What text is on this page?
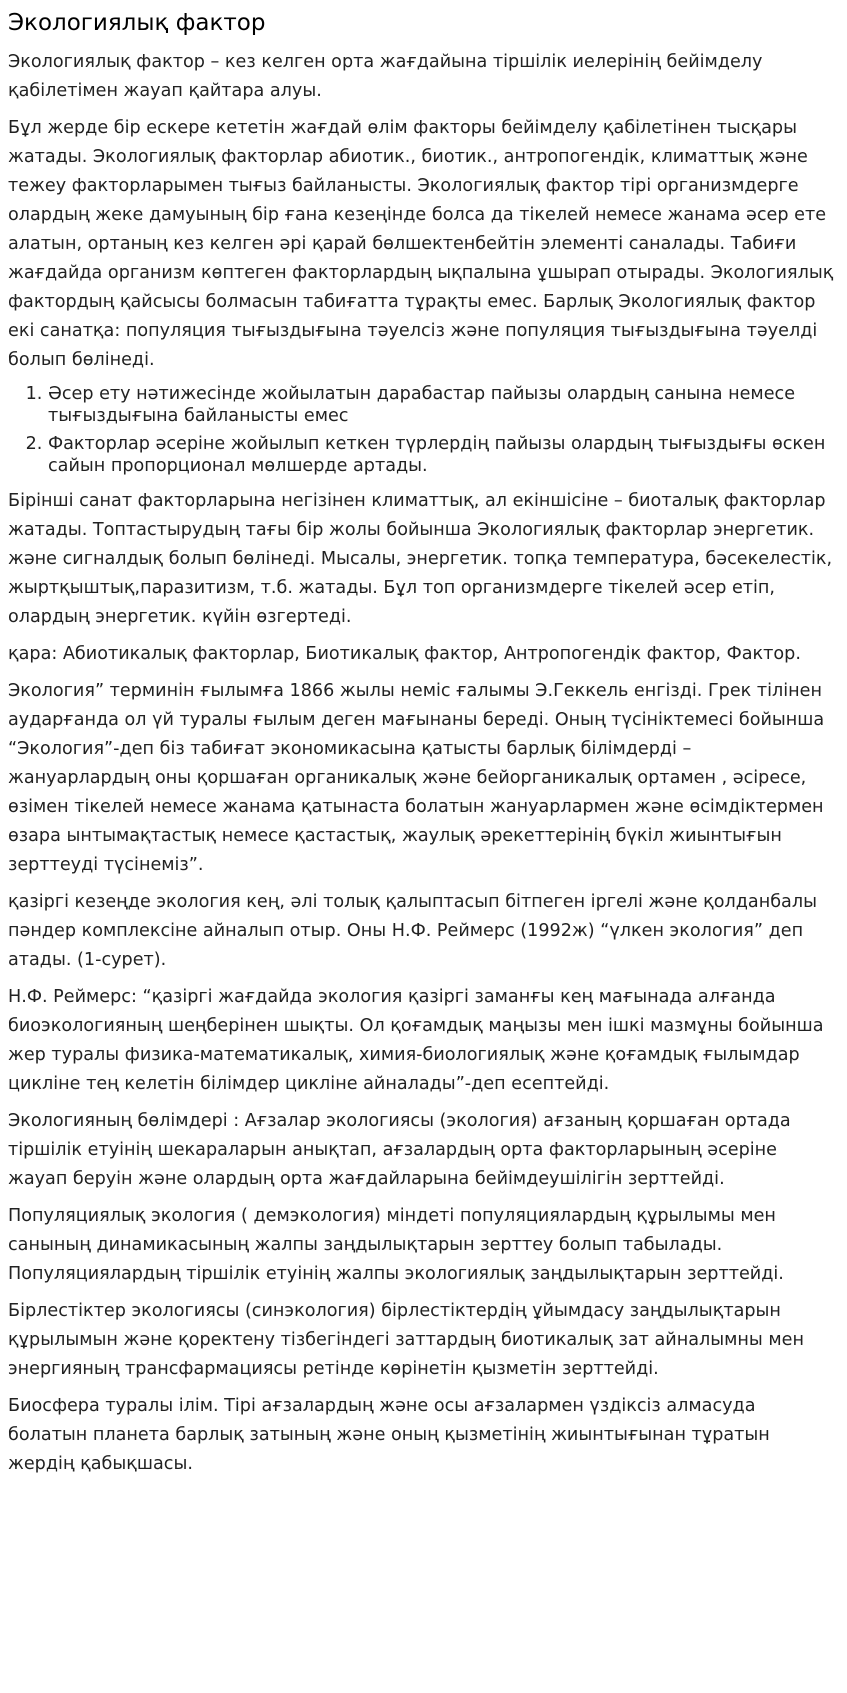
Экологиялық фактор

Экологиялық фактор – кез келген орта жағдайына тіршілік иелерінің бейімделу қабілетімен жауап қайтара алуы.

Бұл жерде бір ескере кететін жағдай өлім факторы бейімделу қабілетінен тысқары жатады. Экологиялық факторлар абиотик., биотик., антропогендік, климаттық және тежеу факторларымен тығыз байланысты. Экологиялық фактор тірі организмдерге олардың жеке дамуының бір ғана кезеңінде болса да тікелей немесе жанама әсер ете алатын, ортаның кез келген әрі қарай бөлшектенбейтін элементі саналады. Табиғи жағдайда организм көптеген факторлардың ықпалына ұшырап отырады. Экологиялық фактордың қайсысы болмасын табиғатта тұрақты емес. Барлық Экологиялық фактор екі санатқа: популяция тығыздығына тәуелсіз және популяция тығыздығына тәуелді болып бөлінеді.

1. Әсер ету нәтижесінде жойылатын дарабастар пайызы олардың санына немесе тығыздығына байланысты емес
2. Факторлар әсеріне жойылып кеткен түрлердің пайызы олардың тығыздығы өскен сайын пропорционал мөлшерде артады.

Бірінші санат факторларына негізінен климаттық, ал екіншісіне – биоталық факторлар жатады. Топтастырудың тағы бір жолы бойынша Экологиялық факторлар энергетик. және сигналдық болып бөлінеді. Мысалы, энергетик. топқа температура, бәсекелестік, жыртқыштық,паразитизм, т.б. жатады. Бұл топ организмдерге тікелей әсер етіп, олардың энергетик. күйін өзгертеді.

қара: Абиотикалық факторлар, Биотикалық фактор, Антропогендік фактор, Фактор.

Экология” терминін ғылымға 1866 жылы неміс ғалымы Э.Геккель енгізді. Грек тілінен аударғанда ол үй туралы ғылым деген мағынаны береді. Оның түсініктемесі бойынша “Экология”-деп біз табиғат экономикасына қатысты барлық білімдерді – жануарлардың оны қоршаған органикалық және бейорганикалық ортамен , әсіресе, өзімен тікелей немесе жанама қатынаста болатын жануарлармен және өсімдіктермен өзара ынтымақтастық немесе қастастық, жаулық әрекеттерінің бүкіл жиынтығын зерттеуді түсінеміз”.

қазіргі кезеңде экология кең, әлі толық қалыптасып бітпеген іргелі және қолданбалы пәндер комплексіне айналып отыр. Оны Н.Ф. Реймерс (1992ж) “үлкен экология” деп атады. (1-сурет).

Н.Ф. Реймерс: “қазіргі жағдайда экология қазіргі заманғы кең мағынада алғанда биоэкологияның шеңберінен шықты. Ол қоғамдық маңызы мен ішкі мазмұны бойынша жер туралы физика-математикалық, химия-биологиялық және қоғамдық ғылымдар цикліне тең келетін білімдер цикліне айналады”-деп есептейді.

Экологияның бөлімдері : Ағзалар экологиясы (экология) ағзаның қоршаған ортада тіршілік етуінің шекараларын анықтап, ағзалардың орта факторларының әсеріне жауап беруін және олардың орта жағдайларына бейімдеушілігін зерттейді.

Популяциялық экология ( демэкология) міндеті популяциялардың құрылымы мен санының динамикасының жалпы заңдылықтарын зерттеу болып табылады. Популяциялардың тіршілік етуінің жалпы экологиялық заңдылықтарын зерттейді.

Бірлестіктер экологиясы (синэкология) бірлестіктердің ұйымдасу заңдылықтарын құрылымын және қоректену тізбегіндегі заттардың биотикалық зат айналымны мен энергияның трансфармациясы ретінде көрінетін қызметін зерттейді.

Биосфера туралы ілім. Тірі ағзалардың және осы ағзалармен үздіксіз алмасуда болатын планета барлық затының және оның қызметінің жиынтығынан тұратын жердің қабықшасы.
